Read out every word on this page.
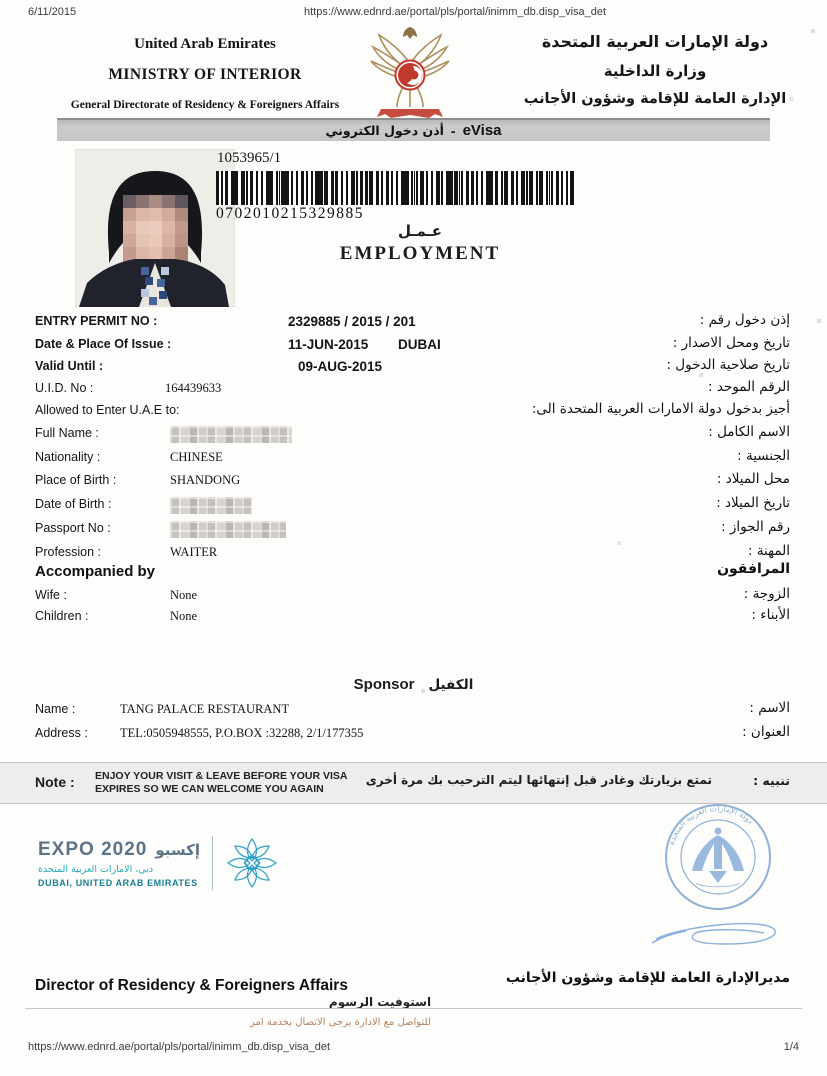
6/11/2015	https://www.ednrd.ae/portal/pls/portal/inimm_db.disp_visa_det
United Arab Emirates
MINISTRY OF INTERIOR
General Directorate of Residency & Foreigners Affairs
دولة الإمارات العربية المتحدة
وزارة الداخلية
الإدارة العامة للإقامة وشؤون الأجانب
أذن دخول الكتروني - eVisa
1053965/1
0702010215329885
عـمـل
EMPLOYMENT
ENTRY PERMIT NO :	2329885 / 2015 / 201	إذن دخول رقم :
Date & Place Of Issue :	11-JUN-2015 DUBAI	تاريخ ومحل الاصدار :
Valid Until :	09-AUG-2015	تاريخ صلاحية الدخول :
U.I.D. No :	164439633	الرقم الموحد :
Allowed to Enter U.A.E to:	أجيز بدخول دولة الامارات العربية المتحدة الى:
Full Name :	الاسم الكامل :
Nationality :	CHINESE	الجنسية :
Place of Birth :	SHANDONG	محل الميلاد :
Date of Birth :	تاريخ الميلاد :
Passport No :	رقم الجواز :
Profession :	WAITER	المهنة :
Accompanied by	المرافقون
Wife :	None	الزوجة :
Children :	None	الأبناء :
Sponsor الكفيل
Name :	TANG PALACE RESTAURANT	الاسم :
Address :	TEL:0505948555, P.O.BOX :32288, 2/1/177355	العنوان :
Note : ENJOY YOUR VISIT & LEAVE BEFORE YOUR VISA
EXPIRES SO WE CAN WELCOME YOU AGAIN
تمتع بزيارتك وغادر قبل إنتهائها ليتم الترحيب بك مرة أخرى	تنبيه :
EXPO 2020 إكسبو
دبي، الامارات العربية المتحدة
DUBAI, UNITED ARAB EMIRATES
دولة الإمارات العربية المتحدة
Director of Residency & Foreigners Affairs	مديرالإدارة العامة للإقامة وشؤون الأجانب
استوفيت الرسوم
للتواصل مع الادارة يرجى الاتصال بخدمة امر
https://www.ednrd.ae/portal/pls/portal/inimm_db.disp_visa_det	1/4
